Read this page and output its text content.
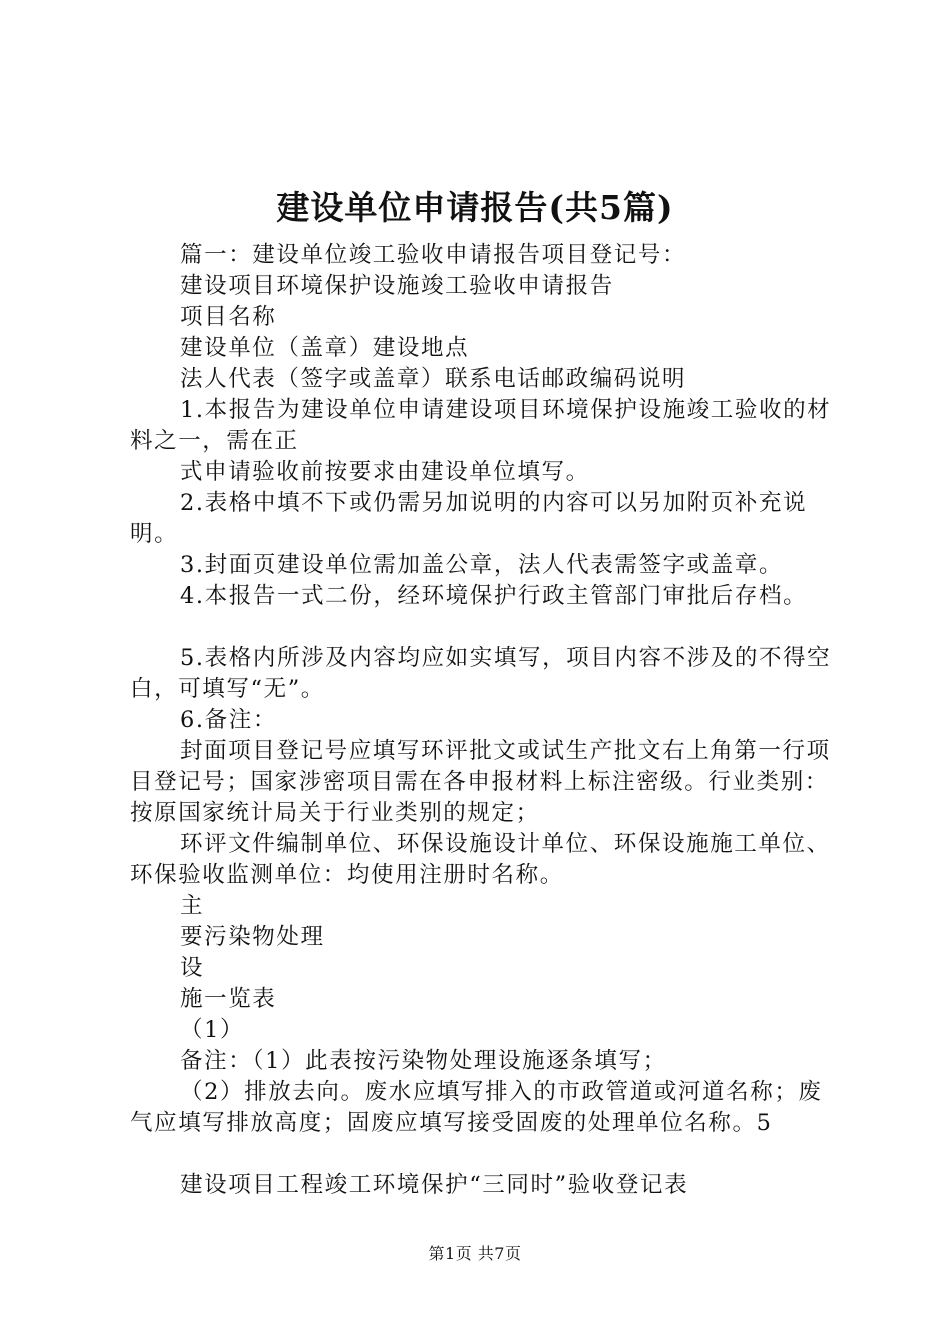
建设单位申请报告(共5篇)

篇一：建设单位竣工验收申请报告项目登记号：

建设项目环境保护设施竣工验收申请报告

项目名称

建设单位（盖章）建设地点

法人代表（签字或盖章）联系电话邮政编码说明

1.本报告为建设单位申请建设项目环境保护设施竣工验收的材料之一，需在正

式申请验收前按要求由建设单位填写。

2.表格中填不下或仍需另加说明的内容可以另加附页补充说明。

3.封面页建设单位需加盖公章，法人代表需签字或盖章。

4.本报告一式二份，经环境保护行政主管部门审批后存档。

5.表格内所涉及内容均应如实填写，项目内容不涉及的不得空白，可填写“无”。

6.备注：

封面项目登记号应填写环评批文或试生产批文右上角第一行项目登记号；国家涉密项目需在各申报材料上标注密级。行业类别：按原国家统计局关于行业类别的规定；

环评文件编制单位、环保设施设计单位、环保设施施工单位、环保验收监测单位：均使用注册时名称。

主

要污染物处理

设

施一览表

（1）

备注：（1）此表按污染物处理设施逐条填写；

（2）排放去向。废水应填写排入的市政管道或河道名称；废气应填写排放高度；固废应填写接受固废的处理单位名称。5

建设项目工程竣工环境保护“三同时”验收登记表

第1页 共7页
